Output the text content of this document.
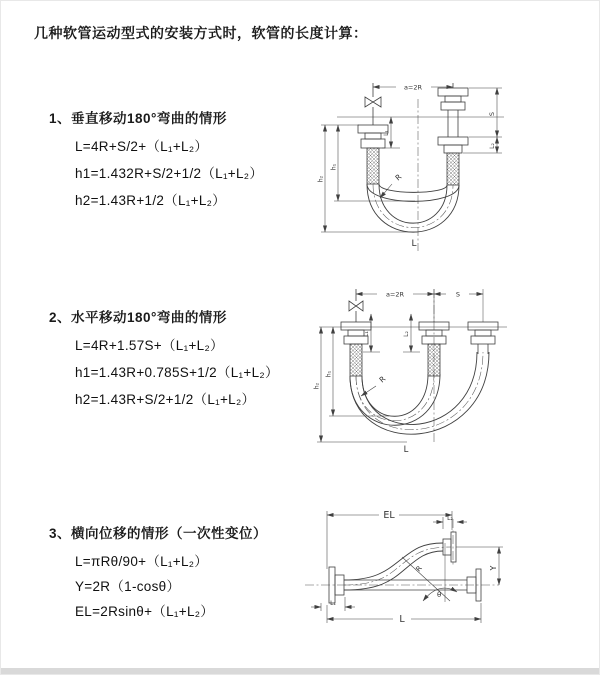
几种软管运动型式的安装方式时，软管的长度计算：
1、垂直移动180°弯曲的情形
L=4R+S/2+（L₁+L₂）
h1=1.432R+S/2+1/2（L₁+L₂）
h2=1.43R+1/2（L₁+L₂）
2、水平移动180°弯曲的情形
L=4R+1.57S+（L₁+L₂）
h1=1.43R+0.785S+1/2（L₁+L₂）
h2=1.43R+S/2+1/2（L₁+L₂）
3、横向位移的情形（一次性变位）
L=πRθ/90+（L₁+L₂）
Y=2R（1-cosθ）
EL=2Rsinθ+（L₁+L₂）
a=2R
L₁
S
L₂
h₂
h₁
R
L
a=2R	S
L₁	L₂
h₂
h₁
R
L
EL	L₂
L₁
Y
R
θ
L
